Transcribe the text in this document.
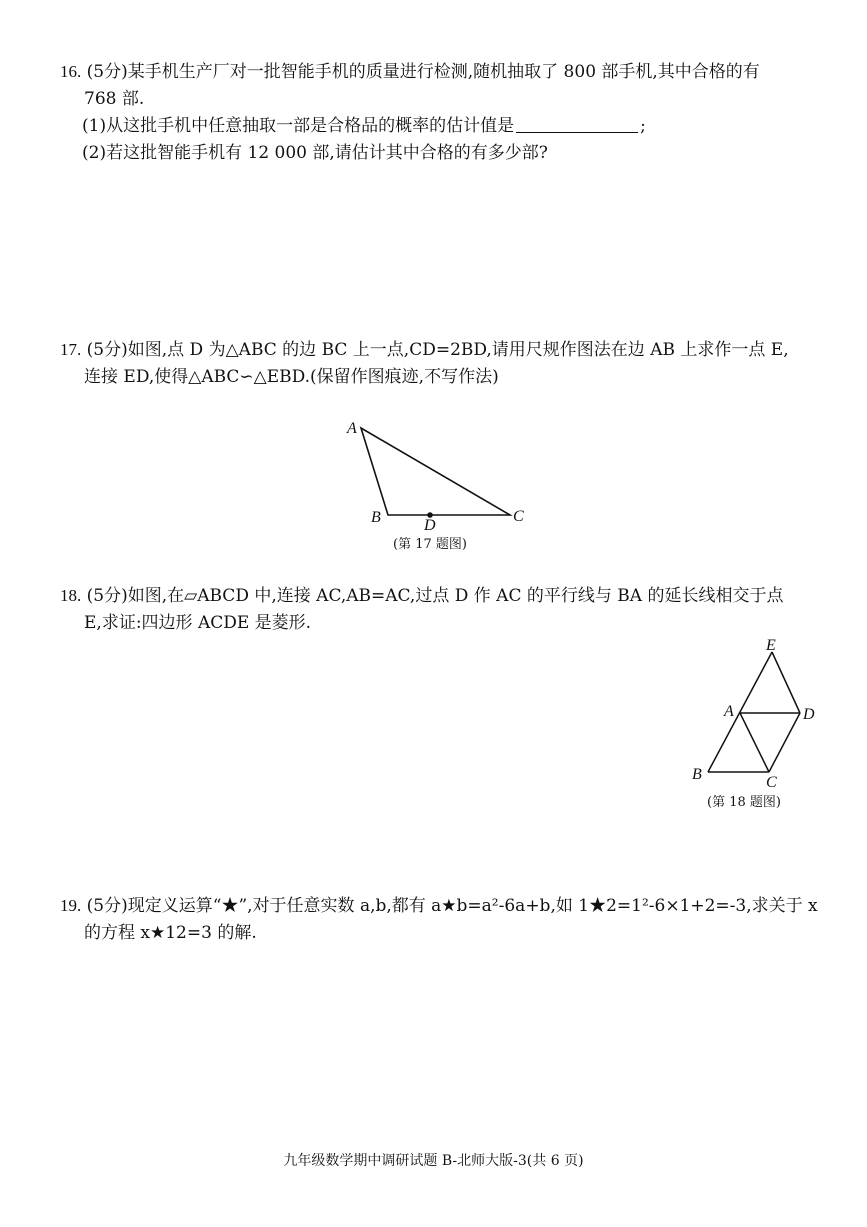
16. (5分)某手机生产厂对一批智能手机的质量进行检测,随机抽取了 800 部手机,其中合格的有
768 部.
(1)从这批手机中任意抽取一部是合格品的概率的估计值是	;
(2)若这批智能手机有 12 000 部,请估计其中合格的有多少部?
17. (5分)如图,点 D 为△ABC 的边 BC 上一点,CD=2BD,请用尺规作图法在边 AB 上求作一点 E,
连接 ED,使得△ABC∽△EBD.(保留作图痕迹,不写作法)
A
B	D
C
(第 17 题图)
18. (5分)如图,在▱ABCD 中,连接 AC,AB=AC,过点 D 作 AC 的平行线与 BA 的延长线相交于点
E,求证:四边形 ACDE 是菱形.
E
A	D
B	C
(第 18 题图)
19. (5分)现定义运算“★”,对于任意实数 a,b,都有 a★b=a²-6a+b,如 1★2=1²-6×1+2=-3,求关于 x
的方程 x★12=3 的解.
九年级数学期中调研试题 B-北师大版-3(共 6 页)
